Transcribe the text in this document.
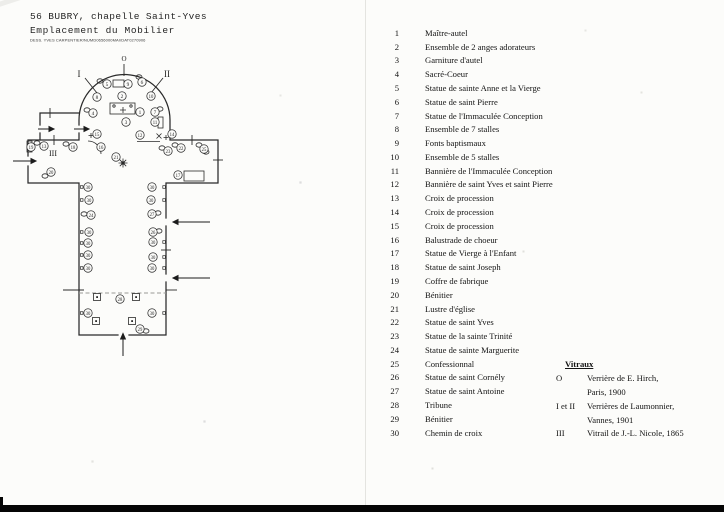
56 BUBRY, chapelle Saint-Yves
Emplacement du Mobilier
DESS. YVES CARPENTIER/NUMD0656000MAI/DAT0270906
1
2
3
4
5	6
7
8
9
10
11
12
13
14
15
16
17
18
19
20
21
22
23
24
25
26
27
28
29
30
30
30
30
30
30
30
30
30
30
30
30
30
O
I	II
III
1	Maître-autel
2	Ensemble de 2 anges adorateurs
3	Garniture d'autel
4	Sacré-Coeur
5	Statue de sainte Anne et la Vierge
6	Statue de saint Pierre
7	Statue de l'Immaculée Conception
8	Ensemble de 7 stalles
9	Fonts baptismaux
10	Ensemble de 5 stalles
11	Bannière de l'Immaculée Conception
12	Bannière de saint Yves et saint Pierre
13	Croix de procession
14	Croix de procession
15	Croix de procession
16	Balustrade de choeur
17	Statue de Vierge à l'Enfant
18	Statue de saint Joseph
19	Coffre de fabrique
20	Bénitier
21	Lustre d'église
22	Statue de saint Yves
23	Statue de la sainte Trinité
24	Statue de sainte Marguerite
25	Confessionnal
26	Statue de saint Cornély
27	Statue de saint Antoine
28	Tribune
29	Bénitier
30	Chemin de croix
Vitraux
O	Verrière de E. Hirch,
Paris, 1900
I et II	Verrières de Laumonnier,
Vannes, 1901
III	Vitrail de J.-L. Nicole, 1865
